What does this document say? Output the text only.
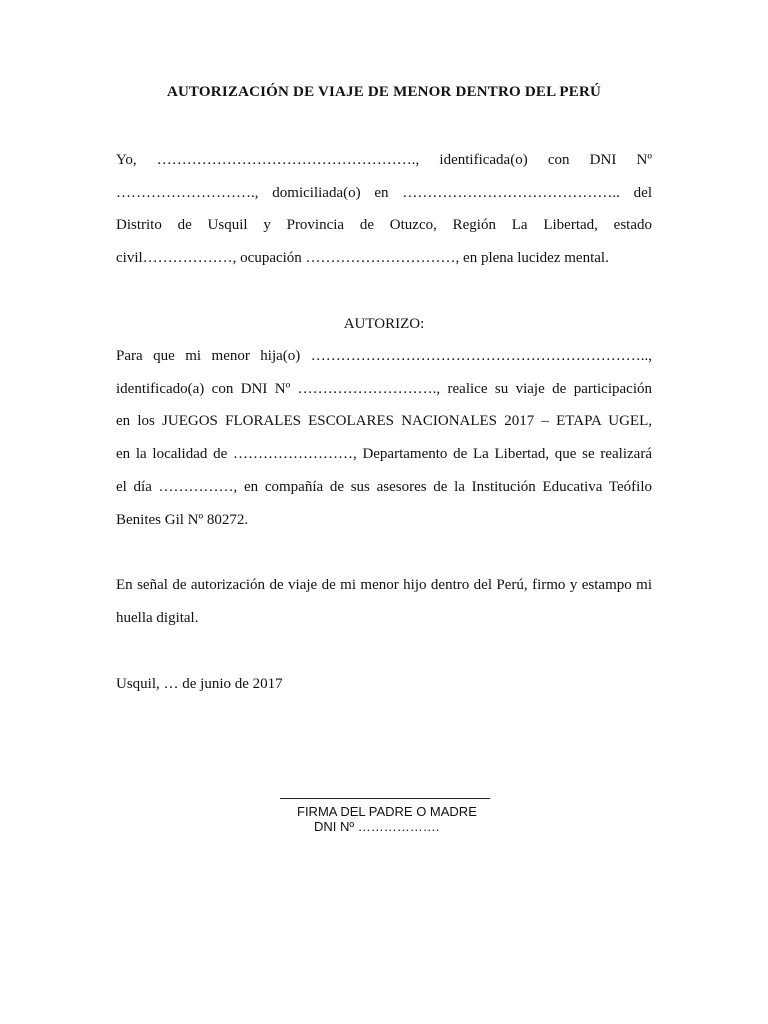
AUTORIZACIÓN DE VIAJE DE MENOR DENTRO DEL PERÚ
Yo, ……………………………………………., identificada(o) con DNI Nº
………………………., domiciliada(o) en …………………………………….. del
Distrito de Usquil y Provincia de Otuzco, Región La Libertad, estado
civil………………, ocupación …………………………, en plena lucidez mental.
AUTORIZO:
Para que mi menor hija(o) …………………………………………………………..,
identificado(a) con DNI Nº ………………………., realice su viaje de participación
en los JUEGOS FLORALES ESCOLARES NACIONALES 2017 – ETAPA UGEL,
en la localidad de ……………………, Departamento de La Libertad, que se realizará
el día ……………, en compañía de sus asesores de la Institución Educativa Teófilo
Benites Gil Nº 80272.
En señal de autorización de viaje de mi menor hijo dentro del Perú, firmo y estampo mi
huella digital.
Usquil, … de junio de 2017
FIRMA DEL PADRE O MADRE
DNI Nº ……………….
